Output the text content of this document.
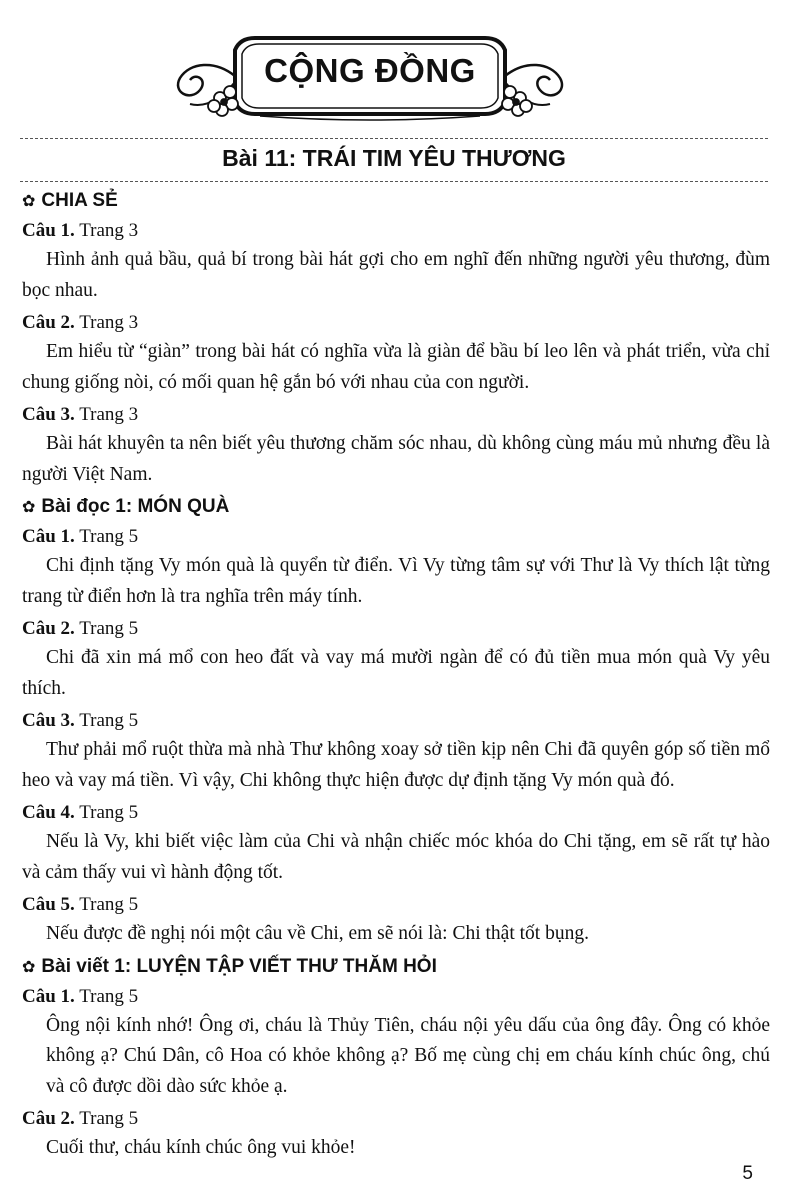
CỘNG ĐỒNG
Bài 11: TRÁI TIM YÊU THƯƠNG
✿ CHIA SẺ
Câu 1. Trang 3
Hình ảnh quả bầu, quả bí trong bài hát gợi cho em nghĩ đến những người yêu thương, đùm bọc nhau.
Câu 2. Trang 3
Em hiểu từ “giàn” trong bài hát có nghĩa vừa là giàn để bầu bí leo lên và phát triển, vừa chỉ chung giống nòi, có mối quan hệ gắn bó với nhau của con người.
Câu 3. Trang 3
Bài hát khuyên ta nên biết yêu thương chăm sóc nhau, dù không cùng máu mủ nhưng đều là người Việt Nam.
✿ Bài đọc 1: MÓN QUÀ
Câu 1. Trang 5
Chi định tặng Vy món quà là quyển từ điển. Vì Vy từng tâm sự với Thư là Vy thích lật từng trang từ điển hơn là tra nghĩa trên máy tính.
Câu 2. Trang 5
Chi đã xin má mổ con heo đất và vay má mười ngàn để có đủ tiền mua món quà Vy yêu thích.
Câu 3. Trang 5
Thư phải mổ ruột thừa mà nhà Thư không xoay sở tiền kịp nên Chi đã quyên góp số tiền mổ heo và vay má tiền. Vì vậy, Chi không thực hiện được dự định tặng Vy món quà đó.
Câu 4. Trang 5
Nếu là Vy, khi biết việc làm của Chi và nhận chiếc móc khóa do Chi tặng, em sẽ rất tự hào và cảm thấy vui vì hành động tốt.
Câu 5. Trang 5
Nếu được đề nghị nói một câu về Chi, em sẽ nói là: Chi thật tốt bụng.
✿ Bài viết 1: LUYỆN TẬP VIẾT THƯ THĂM HỎI
Câu 1. Trang 5
Ông nội kính nhớ! Ông ơi, cháu là Thủy Tiên, cháu nội yêu dấu của ông đây. Ông có khỏe không ạ? Chú Dân, cô Hoa có khỏe không ạ? Bố mẹ cùng chị em cháu kính chúc ông, chú và cô được dồi dào sức khỏe ạ.
Câu 2. Trang 5
Cuối thư, cháu kính chúc ông vui khỏe!
5
